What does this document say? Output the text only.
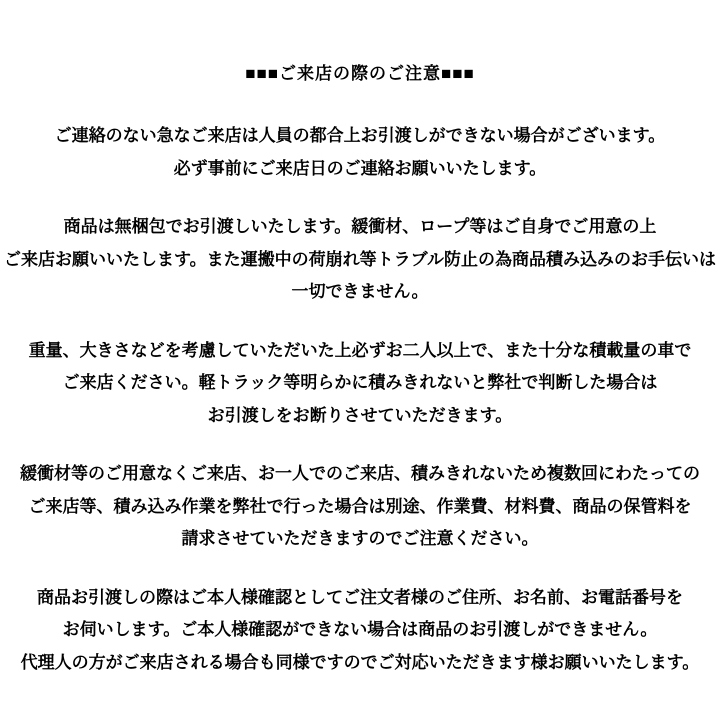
■■■ご来店の際のご注意■■■

ご連絡のない急なご来店は人員の都合上お引渡しができない場合がございます。

必ず事前にご来店日のご連絡お願いいたします。

商品は無梱包でお引渡しいたします。緩衝材、ロープ等はご自身でご用意の上

ご来店お願いいたします。また運搬中の荷崩れ等トラブル防止の為商品積み込みのお手伝いは

一切できません。

重量、大きさなどを考慮していただいた上必ずお二人以上で、また十分な積載量の車で

ご来店ください。軽トラック等明らかに積みきれないと弊社で判断した場合は

お引渡しをお断りさせていただきます。

緩衝材等のご用意なくご来店、お一人でのご来店、積みきれないため複数回にわたっての

ご来店等、積み込み作業を弊社で行った場合は別途、作業費、材料費、商品の保管料を

請求させていただきますのでご注意ください。

商品お引渡しの際はご本人様確認としてご注文者様のご住所、お名前、お電話番号を

お伺いします。ご本人様確認ができない場合は商品のお引渡しができません。

代理人の方がご来店される場合も同様ですのでご対応いただきます様お願いいたします。
